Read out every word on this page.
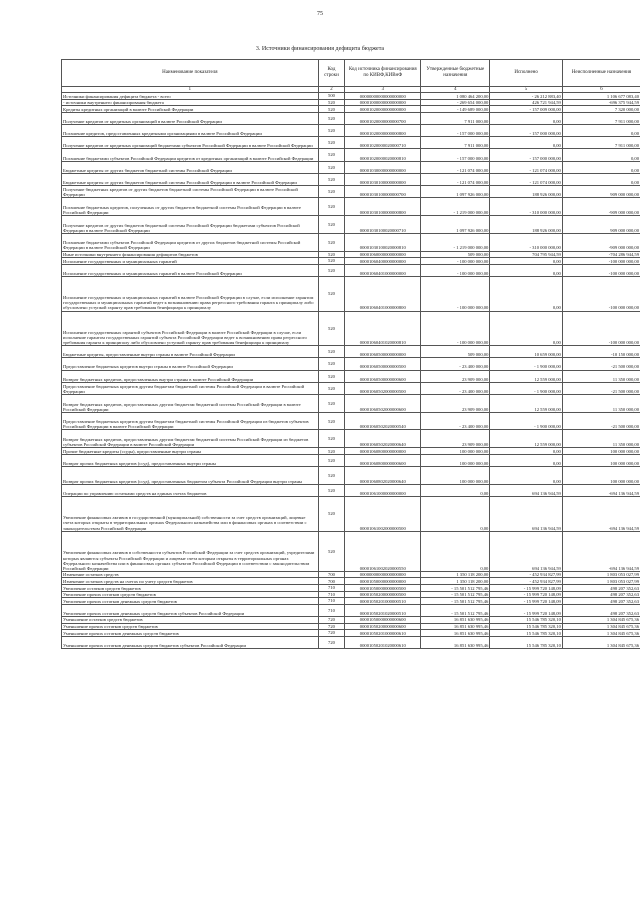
75
3. Источники финансирования дефицита бюджета
Наименование показателя	Код строки	Код источника финансирования по КИВФ,КИВнФ	Утвержденные бюджетные назначения	Исполнено	Неисполненные назначения
1	2	3	4	5	6
Источники финансирования дефицита бюджета - всего	500	00000000000000000000	1 080 464 200,00	- 26 212 883,40	1 106 677 083,40
- источники внутреннего финансирования бюджета	520	00001000000000000000	- 269 654 000,00	426 721 944,59	-696 375 944,59
Кредиты кредитных организаций в валюте Российской Федерации	520	00001020000000000000	- 149 689 000,00	- 157 009 000,00	7 320 000,00
Получение кредитов от кредитных организаций в валюте Российской Федерации	520	00001020000000000700	7 911 000,00	0,00	7 911 000,00
Погашение кредитов, предоставленных кредитными организациями в валюте Российской Федерации	520	00001020000000000800	- 157 000 000,00	- 157 000 000,00	0,00
Получение кредитов от кредитных организаций бюджетами субъектов Российской Федерации в валюте Российской Федерации	520	00001020000020000710	7 911 000,00	0,00	7 911 000,00
Погашение бюджетами субъектов Российской Федерации кредитов от кредитных организаций в валюте Российской Федерации	520	00001020000020000810	- 157 000 000,00	- 157 000 000,00	0,00
Бюджетные кредиты от других бюджетов бюджетной системы Российской Федерации	520	00001030000000000000	- 121 074 000,00	- 121 074 000,00	0,00
Бюджетные кредиты от других бюджетов бюджетной системы Российской Федерации в валюте Российской Федерации	520	00001030100000000000	- 121 074 000,00	- 121 074 000,00	0,00
Получение бюджетных кредитов от других бюджетов бюджетной системы Российской Федерации в валюте Российской Федерации	520	00001030100000000700	1 097 926 000,00	188 926 000,00	909 000 000,00
Погашение бюджетных кредитов, полученных от других бюджетов бюджетной системы Российской Федерации в валюте Российской Федерации	520	00001030100000000800	- 1 219 000 000,00	- 310 000 000,00	-909 000 000,00
Получение кредитов от других бюджетов бюджетной системы Российской Федерации бюджетами субъектов Российской Федерации в валюте Российской Федерации	520	00001030100020000710	1 097 926 000,00	188 926 000,00	909 000 000,00
Погашение бюджетами субъектов Российской Федерации кредитов от других бюджетов бюджетной системы Российской Федерации в валюте Российской Федерации	520	00001030100020000810	- 1 219 000 000,00	- 310 000 000,00	-909 000 000,00
Иные источники внутреннего финансирования дефицитов бюджетов	520	00001060000000000000	509 000,00	704 795 944,59	-704 286 944,59
Исполнение государственных и муниципальных гарантий	520	00001060400000000000	- 100 000 000,00	0,00	-100 000 000,00
Исполнение государственных и муниципальных гарантий в валюте Российской Федерации	520	00001060401000000000	- 100 000 000,00	0,00	-100 000 000,00
Исполнение государственных и муниципальных гарантий в валюте Российской Федерации в случае, если исполнение гарантом государственных и муниципальных гарантий ведет к возникновению права регрессного требования гаранта к принципалу либо обусловлено уступкой гаранту прав требования бенефициара к принципалу	520	00001060401000000800	- 100 000 000,00	0,00	-100 000 000,00
Исполнение государственных гарантий субъектов Российской Федерации в валюте Российской Федерации в случае, если исполнение гарантом государственных гарантий субъекта Российской Федерации ведет к возникновению права регрессного требования гаранта к принципалу либо обусловлено уступкой гаранту прав требования бенефициара к принципалу	520	00001060401020000810	- 100 000 000,00	0,00	-100 000 000,00
Бюджетные кредиты, предоставленные внутри страны в валюте Российской Федерации	520	00001060500000000000	509 000,00	10 659 000,00	-10 150 000,00
Предоставление бюджетных кредитов внутри страны в валюте Российской Федерации	520	00001060500000000500	- 23 400 000,00	- 1 900 000,00	-21 500 000,00
Возврат бюджетных кредитов, предоставленных внутри страны в валюте Российской Федерации	520	00001060500000000600	23 909 000,00	12 559 000,00	11 350 000,00
Предоставление бюджетных кредитов другим бюджетам бюджетной системы Российской Федерации в валюте Российской Федерации	520	00001060502000000500	- 23 400 000,00	- 1 900 000,00	-21 500 000,00
Возврат бюджетных кредитов, предоставленных другим бюджетам бюджетной системы Российской Федерации в валюте Российской Федерации	520	00001060502000000600	23 909 000,00	12 559 000,00	11 350 000,00
Предоставление бюджетных кредитов другим бюджетам бюджетной системы Российской Федерации из бюджетов субъектов Российской Федерации в валюте Российской Федерации	520	00001060502020000540	- 23 400 000,00	- 1 900 000,00	-21 500 000,00
Возврат бюджетных кредитов, предоставленных другим бюджетам бюджетной системы Российской Федерации из бюджетов субъектов Российской Федерации в валюте Российской Федерации	520	00001060502020000640	23 909 000,00	12 559 000,00	11 350 000,00
Прочие бюджетные кредиты (ссуды), предоставленные внутри страны	520	00001060800000000000	100 000 000,00	0,00	100 000 000,00
Возврат прочих бюджетных кредитов (ссуд), предоставленных внутри страны	520	00001060800000000600	100 000 000,00	0,00	100 000 000,00
Возврат прочих бюджетных кредитов (ссуд), предоставленных бюджетом субъекта Российской Федерации внутри страны	520	00001060802020000640	100 000 000,00	0,00	100 000 000,00
Операции по управлению остатками средств на единых счетах бюджетов	520	00001061000000000000	0,00	694 136 944,59	-694 136 944,59
Увеличение финансовых активов в государственной (муниципальной) собственности за счет средств организаций, лицевые счета которых открыты в территориальных органах Федерального казначейства или в финансовых органах в соответствии с законодательством Российской Федерации	520	00001061002000000500	0,00	694 136 944,59	-694 136 944,59
Увеличение финансовых активов в собственности субъектов Российской Федерации за счет средств организаций, учредителями которых являются субъекты Российской Федерации и лицевые счета которым открыты в территориальных органах Федерального казначейства или в финансовых органах субъектов Российской Федерации в соответствии с законодательством Российской Федерации	520	00001061002020000550	0,00	694 136 944,59	-694 136 944,59
Изменение остатков средств	700	00000000000000000000	1 350 118 200,00	- 452 934 827,99	1 803 053 027,99
Изменение остатков средств на счетах по учету средств бюджетов	700	00001050000000000000	1 350 118 200,00	- 452 934 827,99	1 803 053 027,99
Увеличение остатков средств бюджетов	710	00001050000000000500	- 15 501 512 795,46	- 15 999 720 148,09	498 207 352,63
Увеличение прочих остатков средств бюджетов	710	00001050200000000500	- 15 501 512 795,46	- 15 999 720 148,09	498 207 352,63
Увеличение прочих остатков денежных средств бюджетов	710	00001050201000000510	- 15 501 512 795,46	- 15 999 720 148,09	498 207 352,63
Увеличение прочих остатков денежных средств бюджетов субъектов Российской Федерации	710	00001050201020000510	- 15 501 512 795,46	- 15 999 720 148,09	498 207 352,63
Уменьшение остатков средств бюджетов	720	00001050000000000600	16 851 630 995,46	15 546 785 320,10	1 304 845 675,36
Уменьшение прочих остатков средств бюджетов	720	00001050200000000600	16 851 630 995,46	15 546 785 320,10	1 304 845 675,36
Уменьшение прочих остатков денежных средств бюджетов	720	00001050201000000610	16 851 630 995,46	15 546 785 320,10	1 304 845 675,36
Уменьшение прочих остатков денежных средств бюджетов субъектов Российской Федерации	720	00001050201020000610	16 851 630 995,46	15 546 785 320,10	1 304 845 675,36
